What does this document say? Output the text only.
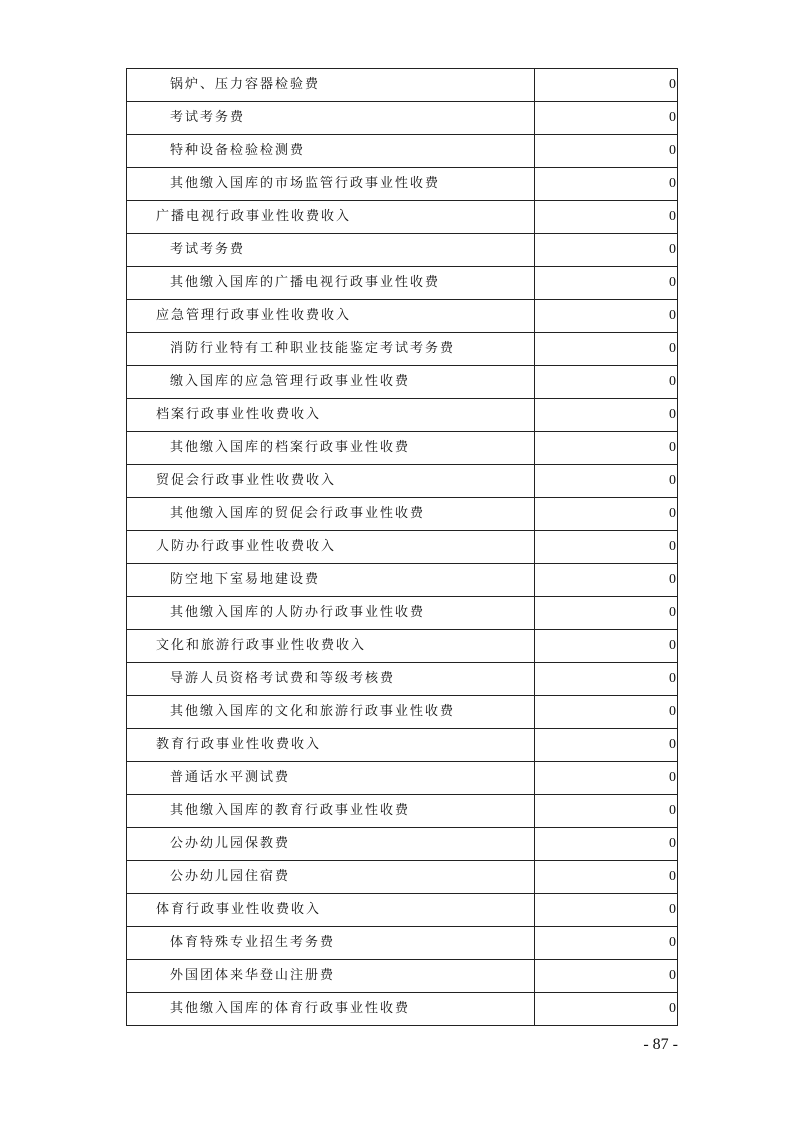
锅炉、压力容器检验费	0
考试考务费	0
特种设备检验检测费	0
其他缴入国库的市场监管行政事业性收费	0
广播电视行政事业性收费收入	0
考试考务费	0
其他缴入国库的广播电视行政事业性收费	0
应急管理行政事业性收费收入	0
消防行业特有工种职业技能鉴定考试考务费	0
缴入国库的应急管理行政事业性收费	0
档案行政事业性收费收入	0
其他缴入国库的档案行政事业性收费	0
贸促会行政事业性收费收入	0
其他缴入国库的贸促会行政事业性收费	0
人防办行政事业性收费收入	0
防空地下室易地建设费	0
其他缴入国库的人防办行政事业性收费	0
文化和旅游行政事业性收费收入	0
导游人员资格考试费和等级考核费	0
其他缴入国库的文化和旅游行政事业性收费	0
教育行政事业性收费收入	0
普通话水平测试费	0
其他缴入国库的教育行政事业性收费	0
公办幼儿园保教费	0
公办幼儿园住宿费	0
体育行政事业性收费收入	0
体育特殊专业招生考务费	0
外国团体来华登山注册费	0
其他缴入国库的体育行政事业性收费	0
- 87 -
